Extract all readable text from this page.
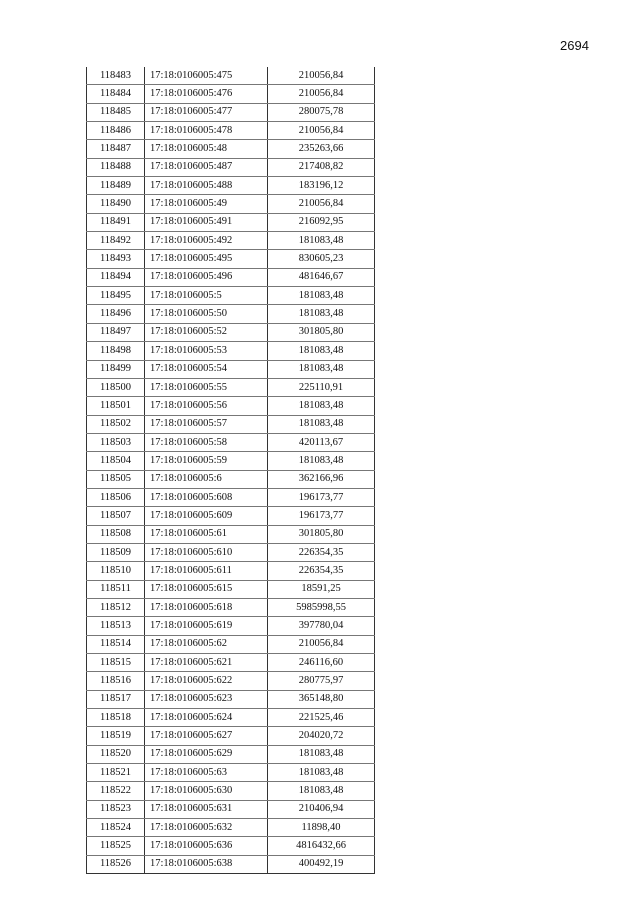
2694
118483	17:18:0106005:475	210056,84
118484	17:18:0106005:476	210056,84
118485	17:18:0106005:477	280075,78
118486	17:18:0106005:478	210056,84
118487	17:18:0106005:48	235263,66
118488	17:18:0106005:487	217408,82
118489	17:18:0106005:488	183196,12
118490	17:18:0106005:49	210056,84
118491	17:18:0106005:491	216092,95
118492	17:18:0106005:492	181083,48
118493	17:18:0106005:495	830605,23
118494	17:18:0106005:496	481646,67
118495	17:18:0106005:5	181083,48
118496	17:18:0106005:50	181083,48
118497	17:18:0106005:52	301805,80
118498	17:18:0106005:53	181083,48
118499	17:18:0106005:54	181083,48
118500	17:18:0106005:55	225110,91
118501	17:18:0106005:56	181083,48
118502	17:18:0106005:57	181083,48
118503	17:18:0106005:58	420113,67
118504	17:18:0106005:59	181083,48
118505	17:18:0106005:6	362166,96
118506	17:18:0106005:608	196173,77
118507	17:18:0106005:609	196173,77
118508	17:18:0106005:61	301805,80
118509	17:18:0106005:610	226354,35
118510	17:18:0106005:611	226354,35
118511	17:18:0106005:615	18591,25
118512	17:18:0106005:618	5985998,55
118513	17:18:0106005:619	397780,04
118514	17:18:0106005:62	210056,84
118515	17:18:0106005:621	246116,60
118516	17:18:0106005:622	280775,97
118517	17:18:0106005:623	365148,80
118518	17:18:0106005:624	221525,46
118519	17:18:0106005:627	204020,72
118520	17:18:0106005:629	181083,48
118521	17:18:0106005:63	181083,48
118522	17:18:0106005:630	181083,48
118523	17:18:0106005:631	210406,94
118524	17:18:0106005:632	11898,40
118525	17:18:0106005:636	4816432,66
118526	17:18:0106005:638	400492,19
